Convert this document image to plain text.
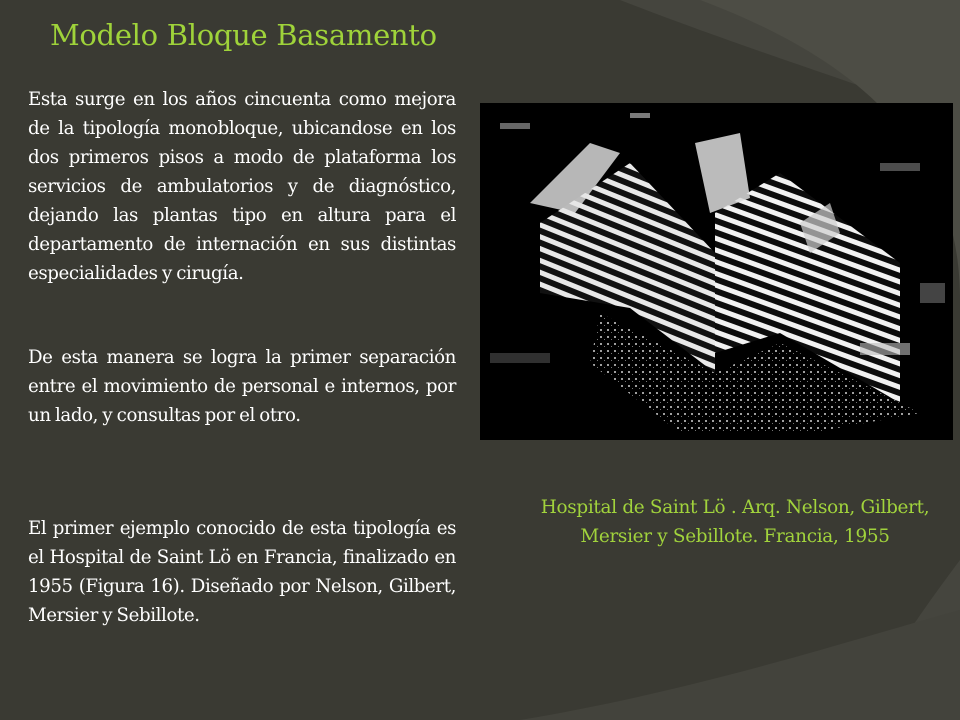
Modelo Bloque Basamento

Esta surge en los años cincuenta como mejora de la tipología monobloque, ubicandose en los dos primeros pisos a modo de plataforma los servicios de ambulatorios y de diagnóstico, dejando las plantas tipo en altura para el departamento de internación en sus distintas especialidades y cirugía.

De esta manera se logra la primer separación entre el movimiento de personal e internos, por un lado, y consultas por el otro.

El primer ejemplo conocido de esta tipología es el Hospital de Saint Lö en Francia, finalizado en 1955 (Figura 16). Diseñado por Nelson, Gilbert, Mersier y Sebillote.

Hospital de Saint Lö . Arq. Nelson, Gilbert,
Mersier y Sebillote. Francia, 1955
